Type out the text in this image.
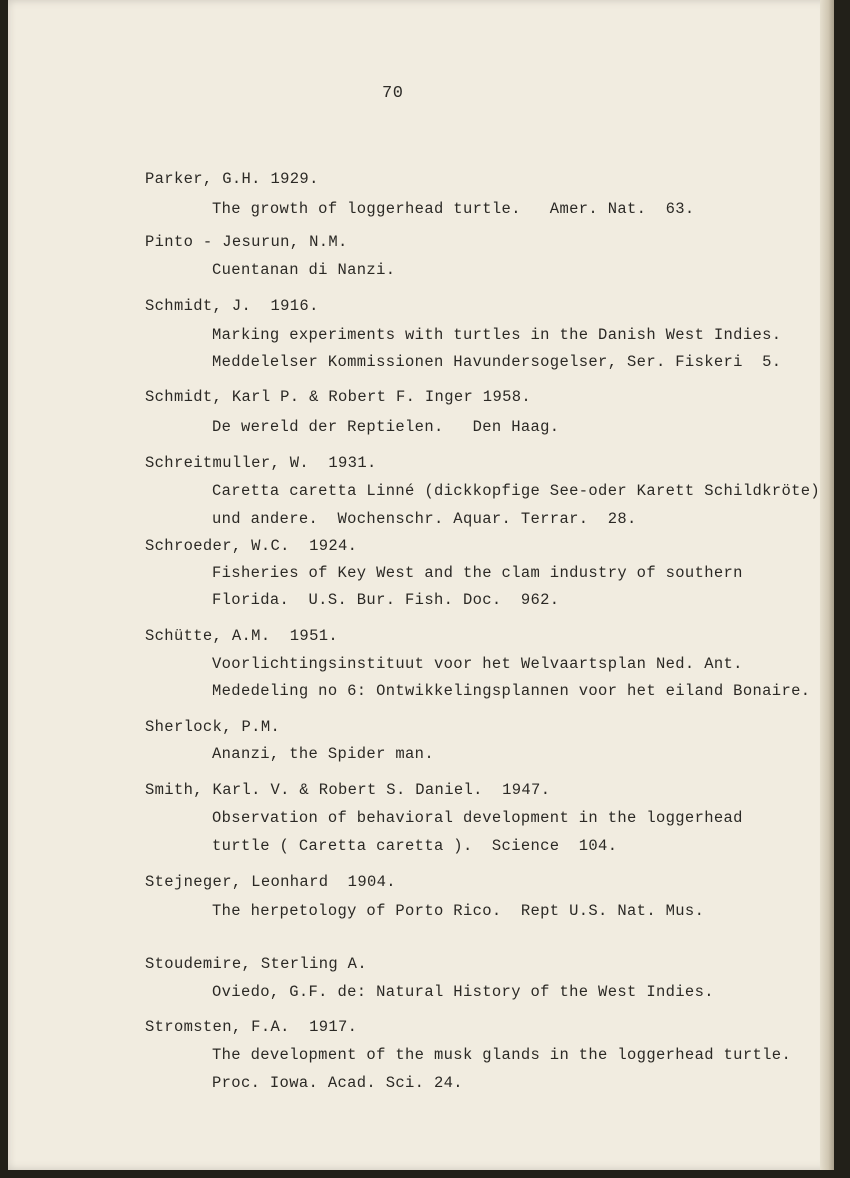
70
Parker, G.H. 1929.
The growth of loggerhead turtle.   Amer. Nat.  63.
Pinto - Jesurun, N.M.
Cuentanan di Nanzi.
Schmidt, J.  1916.
Marking experiments with turtles in the Danish West Indies.
Meddelelser Kommissionen Havundersogelser, Ser. Fiskeri  5.
Schmidt, Karl P. & Robert F. Inger 1958.
De wereld der Reptielen.   Den Haag.
Schreitmuller, W.  1931.
Caretta caretta Linné (dickkopfige See-oder Karett Schildkröte)
und andere.  Wochenschr. Aquar. Terrar.  28.
Schroeder, W.C.  1924.
Fisheries of Key West and the clam industry of southern
Florida.  U.S. Bur. Fish. Doc.  962.
Schütte, A.M.  1951.
Voorlichtingsinstituut voor het Welvaartsplan Ned. Ant.
Mededeling no 6: Ontwikkelingsplannen voor het eiland Bonaire.
Sherlock, P.M.
Ananzi, the Spider man.
Smith, Karl. V. & Robert S. Daniel.  1947.
Observation of behavioral development in the loggerhead
turtle ( Caretta caretta ).  Science  104.
Stejneger, Leonhard  1904.
The herpetology of Porto Rico.  Rept U.S. Nat. Mus.
Stoudemire, Sterling A.
Oviedo, G.F. de: Natural History of the West Indies.
Stromsten, F.A.  1917.
The development of the musk glands in the loggerhead turtle.
Proc. Iowa. Acad. Sci. 24.
